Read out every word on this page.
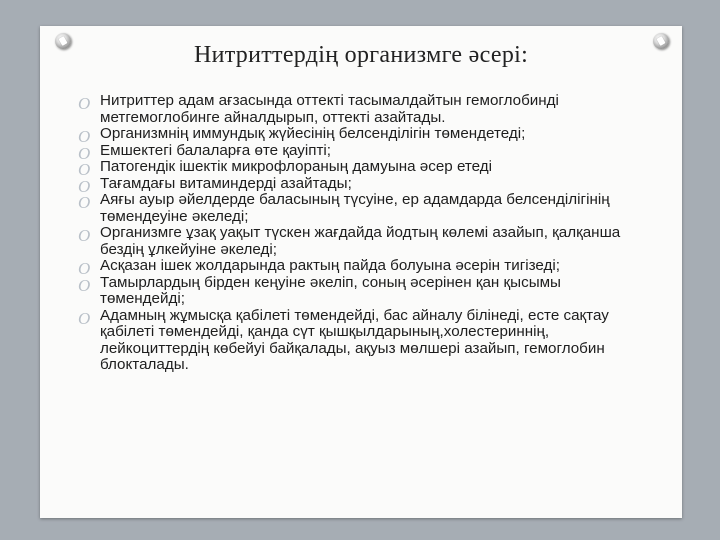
Нитриттердің организмге әсері:
O Нитриттер адам ағзасында оттекті тасымалдайтын гемоглобинді метгемоглобинге айналдырып, оттекті азайтады.
O Организмнің иммундық жүйесінің белсенділігін төмендетеді;
O Емшектегі балаларға өте қауіпті;
O Патогендік ішектік микрофлораның дамуына әсер етеді
O Тағамдағы витаминдерді азайтады;
O Аяғы ауыр әйелдерде баласының түсуіне, ер адамдарда белсенділігінің төмендеуіне әкеледі;
O Организмге ұзақ уақыт түскен жағдайда йодтың көлемі азайып, қалқанша бездің ұлкейуіне әкеледі;
O Асқазан ішек жолдарында рактың пайда болуына әсерін тигізеді;
O Тамырлардың бірден кеңуіне әкеліп, соның әсерінен қан қысымы төмендейді;
O Адамның жұмысқа қабілеті төмендейді, бас айналу білінеді, есте сақтау қабілеті төмендейді, қанда сүт қышқылдарының,холестериннің, лейкоциттердің көбейуі байқалады, ақуыз мөлшері азайып, гемоглобин блокталады.
